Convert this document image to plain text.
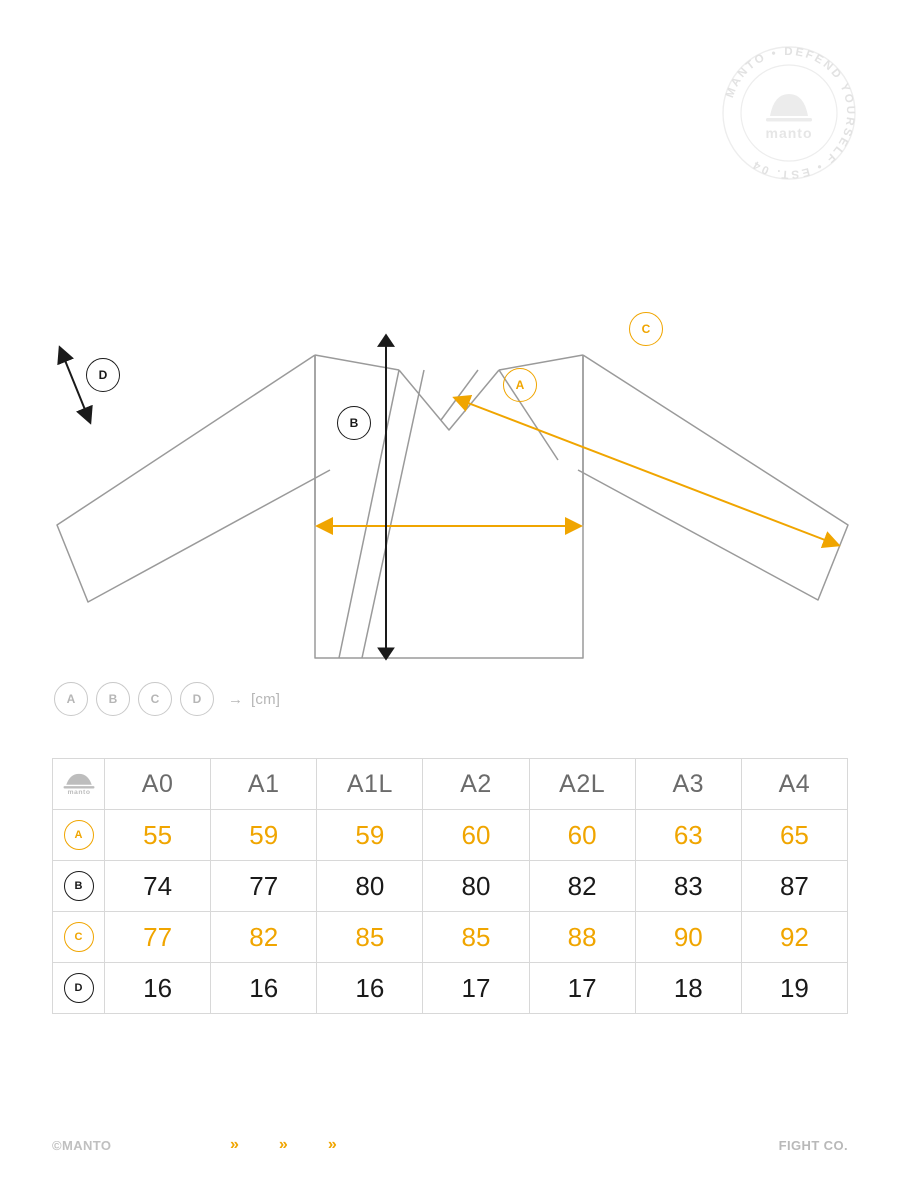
MANTO • DEFEND YOURSELF • EST. 04
manto
A
B
C
D
A	B	C	D	→ [cm]
manto	A0	A1	A1L	A2	A2L	A3	A4

A	55	59	59	60	60	63	65

B	74	77	80	80	82	83	87

C	77	82	85	85	88	90	92

D	16	16	16	17	17	18	19
©MANTO	»	»	»	FIGHT CO.
